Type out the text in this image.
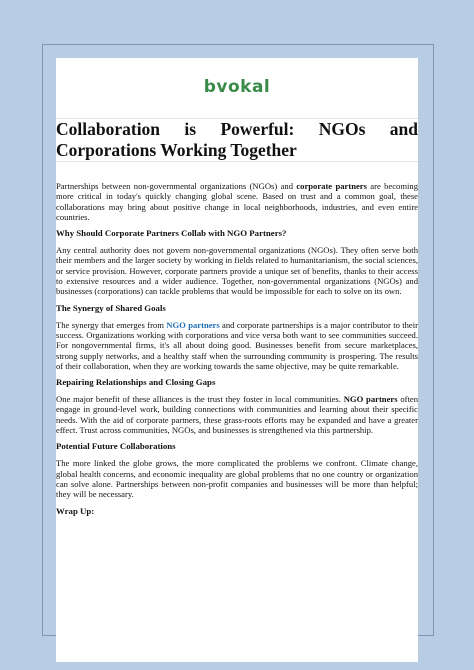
bvokal
Collaboration is Powerful: NGOs and Corporations Working Together

Partnerships between non-governmental organizations (NGOs) and corporate partners are becoming more critical in today's quickly changing global scene. Based on trust and a common goal, these collaborations may bring about positive change in local neighborhoods, industries, and even entire countries.

Why Should Corporate Partners Collab with NGO Partners?

Any central authority does not govern non-governmental organizations (NGOs). They often serve both their members and the larger society by working in fields related to humanitarianism, the social sciences, or service provision. However, corporate partners provide a unique set of benefits, thanks to their access to extensive resources and a wider audience. Together, non-governmental organizations (NGOs) and businesses (corporations) can tackle problems that would be impossible for each to solve on its own.

The Synergy of Shared Goals

The synergy that emerges from NGO partners and corporate partnerships is a major contributor to their success. Organizations working with corporations and vice versa both want to see communities succeed. For nongovernmental firms, it's all about doing good. Businesses benefit from secure marketplaces, strong supply networks, and a healthy staff when the surrounding community is prospering. The results of their collaboration, when they are working towards the same objective, may be quite remarkable.

Repairing Relationships and Closing Gaps

One major benefit of these alliances is the trust they foster in local communities. NGO partners often engage in ground-level work, building connections with communities and learning about their specific needs. With the aid of corporate partners, these grass-roots efforts may be expanded and have a greater effect. Trust across communities, NGOs, and businesses is strengthened via this partnership.

Potential Future Collaborations

The more linked the globe grows, the more complicated the problems we confront. Climate change, global health concerns, and economic inequality are global problems that no one country or organization can solve alone. Partnerships between non-profit companies and businesses will be more than helpful; they will be necessary.

Wrap Up:
